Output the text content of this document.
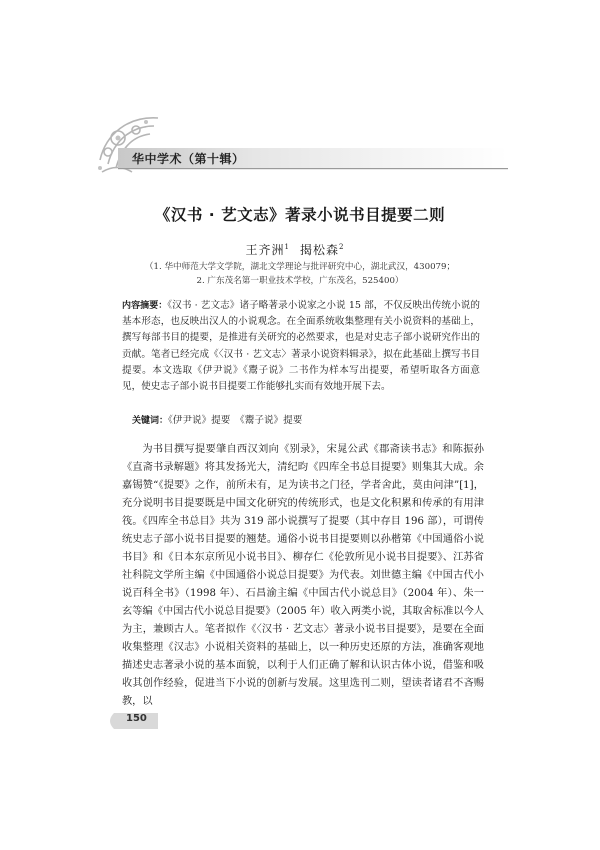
华中学术（第十辑）
《汉书 · 艺文志》著录小说书目提要二则
王齐洲$^1$ 揭松森$^2$
（1. 华中师范大学文学院，湖北文学理论与批评研究中心，湖北武汉，430079；
2. 广东茂名第一职业技术学校，广东茂名，525400）
内容摘要：《汉书 · 艺文志》诸子略著录小说家之小说 15 部，不仅反映出传统小说的基本形态，也反映出汉人的小说观念。在全面系统收集整理有关小说资料的基础上，撰写每部书目的提要，是推进有关研究的必然要求，也是对史志子部小说研究作出的贡献。笔者已经完成《〈汉书 · 艺文志〉著录小说资料辑录》，拟在此基础上撰写书目提要。本文选取《伊尹说》《鬻子说》二书作为样本写出提要，希望听取各方面意见，使史志子部小说书目提要工作能够扎实而有效地开展下去。
关键词：《伊尹说》提要　《鬻子说》提要
为书目撰写提要肇自西汉刘向《别录》，宋晁公武《郡斋读书志》和陈振孙《直斋书录解题》将其发扬光大，清纪昀《四库全书总目提要》则集其大成。余嘉锡赞“《提要》之作，前所未有，足为读书之门径，学者舍此，莫由问津”[1]，充分说明书目提要既是中国文化研究的传统形式，也是文化积累和传承的有用津筏。《四库全书总目》共为 319 部小说撰写了提要（其中存目 196 部），可谓传统史志子部小说书目提要的翘楚。通俗小说书目提要则以孙楷第《中国通俗小说书目》和《日本东京所见小说书目》、柳存仁《伦敦所见小说书目提要》、江苏省社科院文学所主编《中国通俗小说总目提要》为代表。刘世德主编《中国古代小说百科全书》（1998 年）、石昌渝主编《中国古代小说总目》（2004 年）、朱一玄等编《中国古代小说总目提要》（2005 年）收入两类小说，其取舍标准以今人为主，兼顾古人。笔者拟作《〈汉书 · 艺文志〉著录小说书目提要》，是要在全面收集整理《汉志》小说相关资料的基础上，以一种历史还原的方法，准确客观地描述史志著录小说的基本面貌，以利于人们正确了解和认识古体小说，借鉴和吸收其创作经验，促进当下小说的创新与发展。这里选刊二则，望读者诸君不吝赐教，以
150
